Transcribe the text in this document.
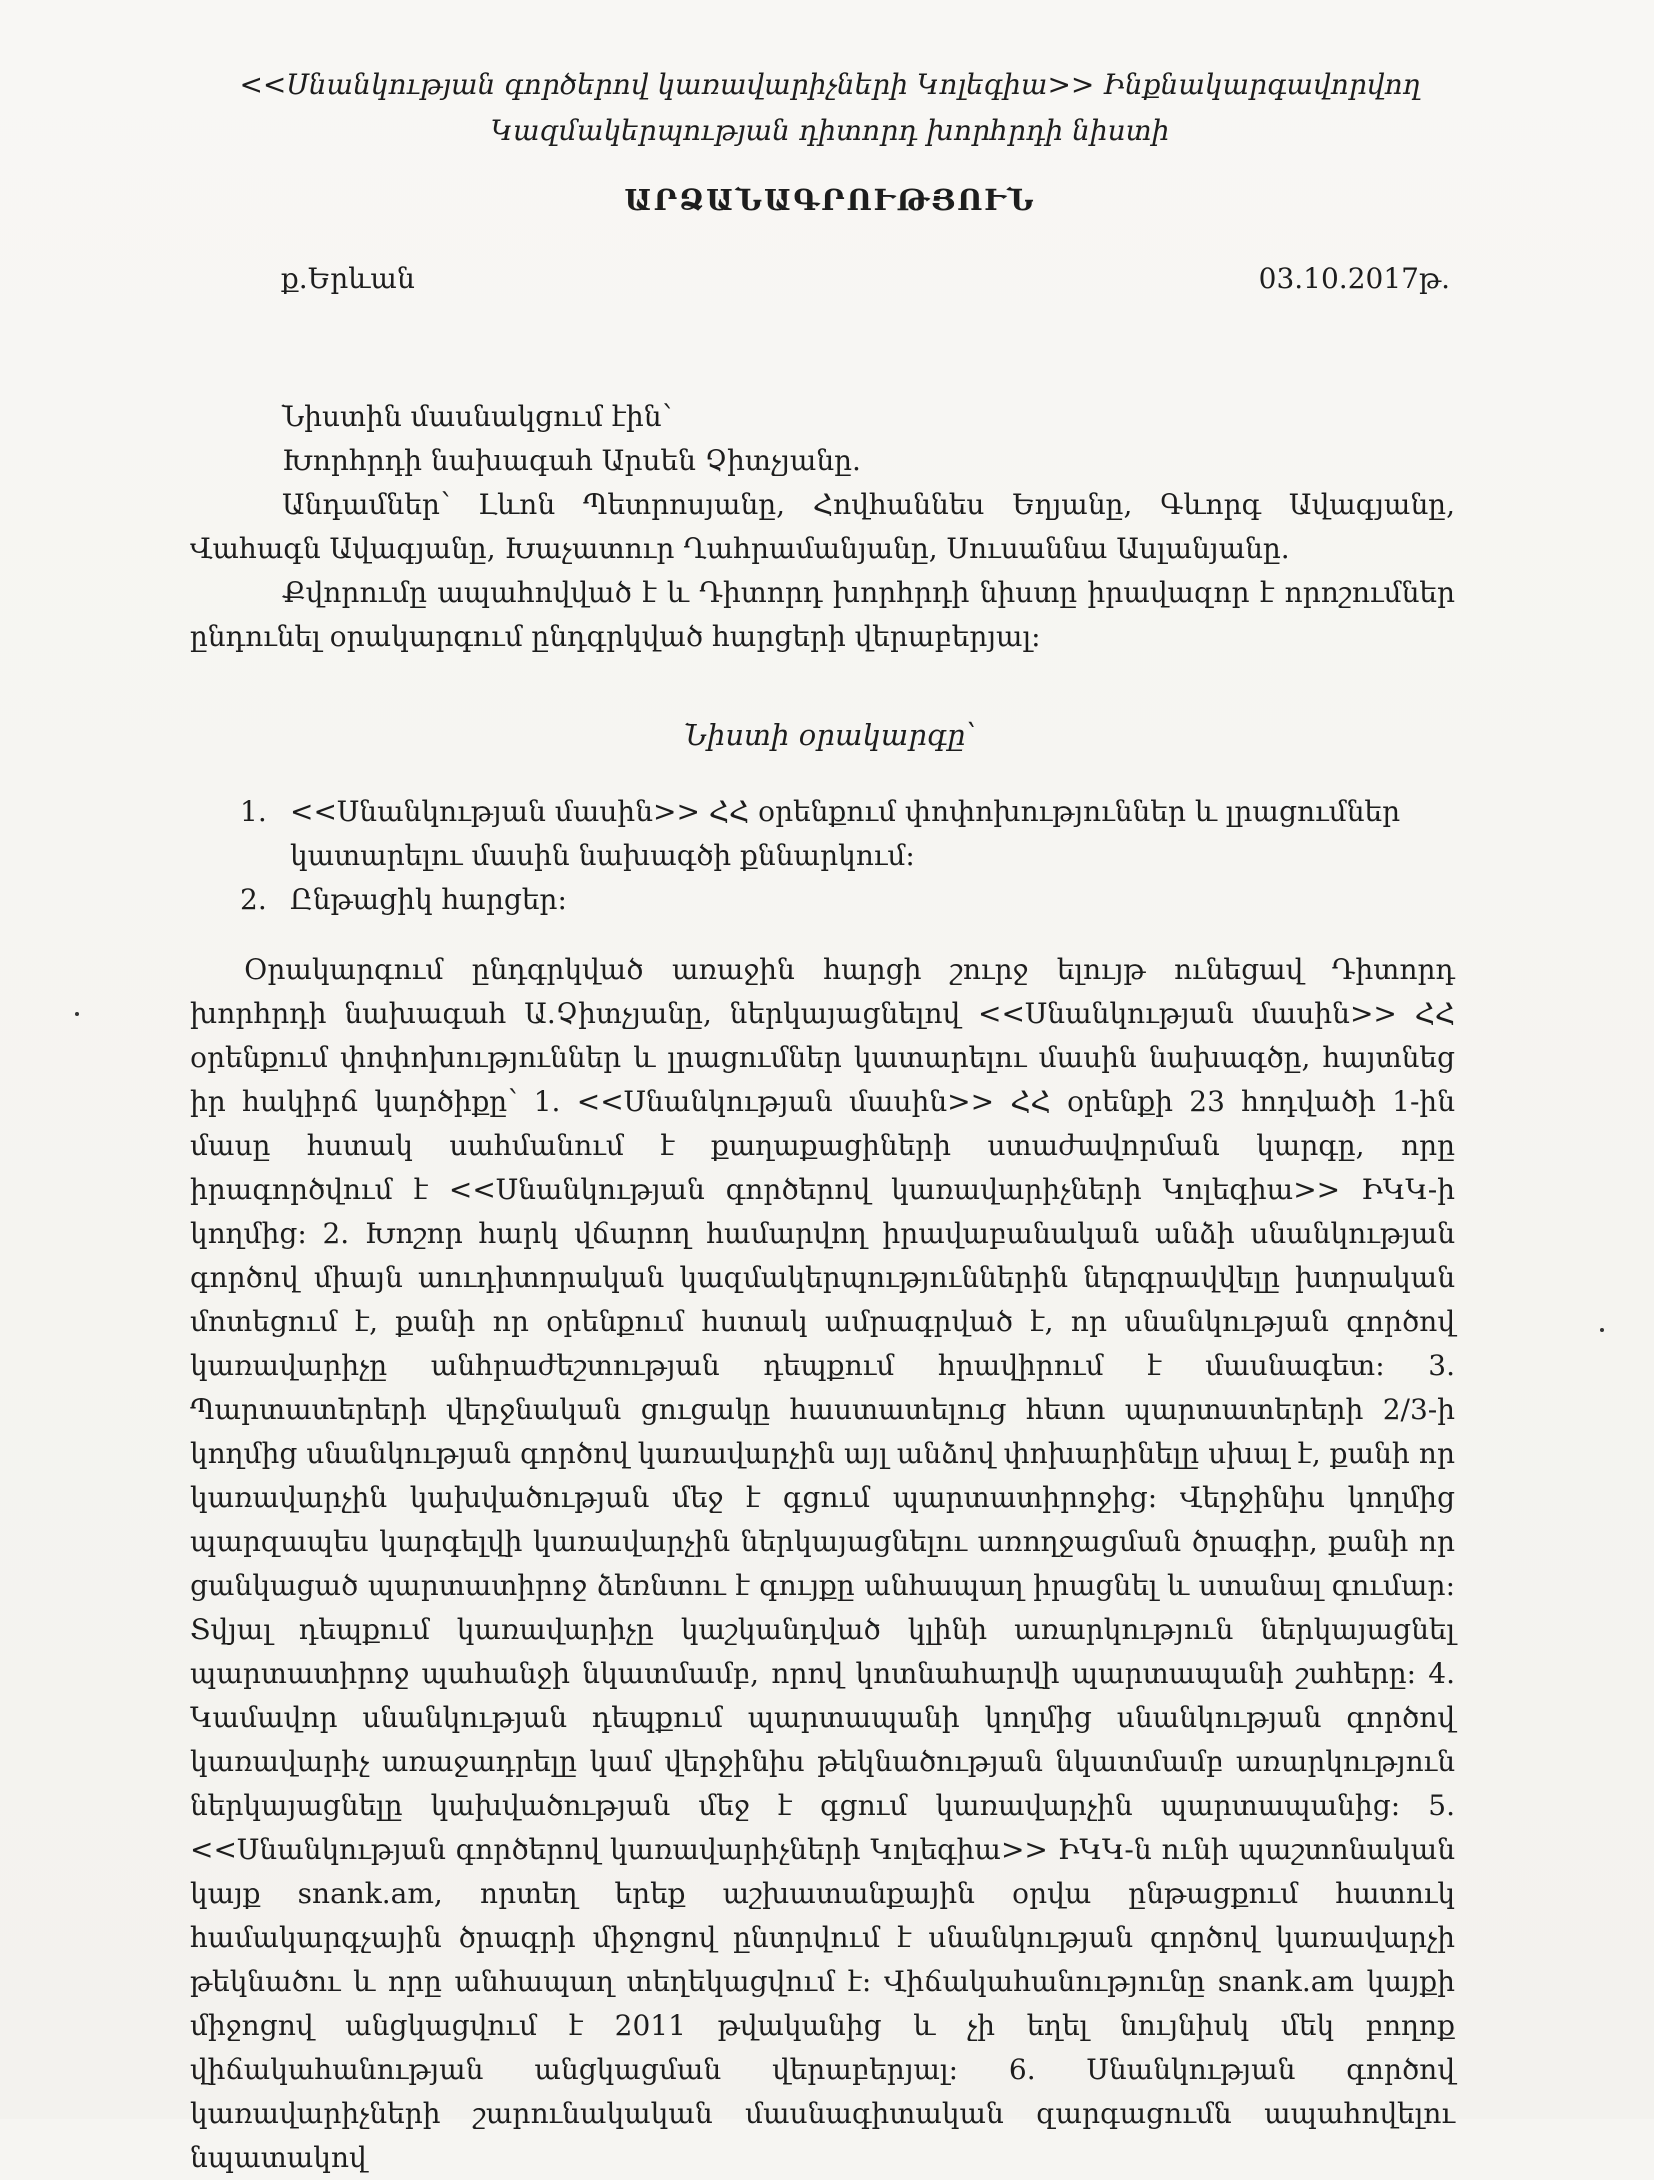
<<Սնանկության գործերով կառավարիչների Կոլեգիա>> Ինքնակարգավորվող
Կազմակերպության դիտորդ խորհրդի նիստի
ԱՐՁԱՆԱԳՐՈՒԹՅՈՒՆ
ք.Երևան	03.10.2017թ.

Նիստին մասնակցում էին՝

Խորհրդի նախագահ Արսեն Չիտչյանը.

Անդամներ՝ Լևոն Պետրոսյանը, Հովհաննես Եղյանը, Գևորգ Ավագյանը, Վահագն Ավագյանը, Խաչատուր Ղահրամանյանը, Սուսաննա Ասլանյանը.

Քվորումը ապահովված է և Դիտորդ խորհրդի նիստը իրավազոր է որոշումներ ընդունել օրակարգում ընդգրկված հարցերի վերաբերյալ:

Նիստի օրակարգը՝
1. <<Սնանկության մասին>> ՀՀ օրենքում փոփոխություններ և լրացումներ կատարելու մասին նախագծի քննարկում:
2. Ընթացիկ հարցեր:

Օրակարգում ընդգրկված առաջին հարցի շուրջ ելույթ ունեցավ Դիտորդ խորհրդի նախագահ Ա.Չիտչյանը, ներկայացնելով <<Սնանկության մասին>> ՀՀ օրենքում փոփոխություններ և լրացումներ կատարելու մասին նախագծը, հայտնեց իր հակիրճ կարծիքը՝ 1. <<Սնանկության մասին>> ՀՀ օրենքի 23 հոդվածի 1-ին մասը հստակ սահմանում է քաղաքացիների ստաժավորման կարգը, որը իրագործվում է <<Սնանկության գործերով կառավարիչների Կոլեգիա>> ԻԿԿ-ի կողմից: 2. Խոշոր հարկ վճարող համարվող իրավաբանական անձի սնանկության գործով միայն աուդիտորական կազմակերպություններին ներգրավվելը խտրական մոտեցում է, քանի որ օրենքում հստակ ամրագրված է, որ սնանկության գործով կառավարիչը անհրաժեշտության դեպքում հրավիրում է մասնագետ: 3. Պարտատերերի վերջնական ցուցակը հաստատելուց հետո պարտատերերի 2/3-ի կողմից սնանկության գործով կառավարչին այլ անձով փոխարինելը սխալ է, քանի որ կառավարչին կախվածության մեջ է գցում պարտատիրոջից: Վերջինիս կողմից պարզապես կարգելվի կառավարչին ներկայացնելու առողջացման ծրագիր, քանի որ ցանկացած պարտատիրոջ ձեռնտու է գույքը անհապաղ իրացնել և ստանալ գումար: Տվյալ դեպքում կառավարիչը կաշկանդված կլինի առարկություն ներկայացնել պարտատիրոջ պահանջի նկատմամբ, որով կոտնահարվի պարտապանի շահերը: 4. Կամավոր սնանկության դեպքում պարտապանի կողմից սնանկության գործով կառավարիչ առաջադրելը կամ վերջինիս թեկնածության նկատմամբ առարկություն ներկայացնելը կախվածության մեջ է գցում կառավարչին պարտապանից: 5. <<Սնանկության գործերով կառավարիչների Կոլեգիա>> ԻԿԿ-ն ունի պաշտոնական կայք snank.am, որտեղ երեք աշխատանքային օրվա ընթացքում հատուկ համակարգչային ծրագրի միջոցով ընտրվում է սնանկության գործով կառավարչի թեկնածու և որը անհապաղ տեղեկացվում է: Վիճակահանությունը snank.am կայքի միջոցով անցկացվում է 2011 թվականից և չի եղել նույնիսկ մեկ բողոք վիճակահանության անցկացման վերաբերյալ: 6. Սնանկության գործով կառավարիչների շարունակական մասնագիտական զարգացումն ապահովելու նպատակով
